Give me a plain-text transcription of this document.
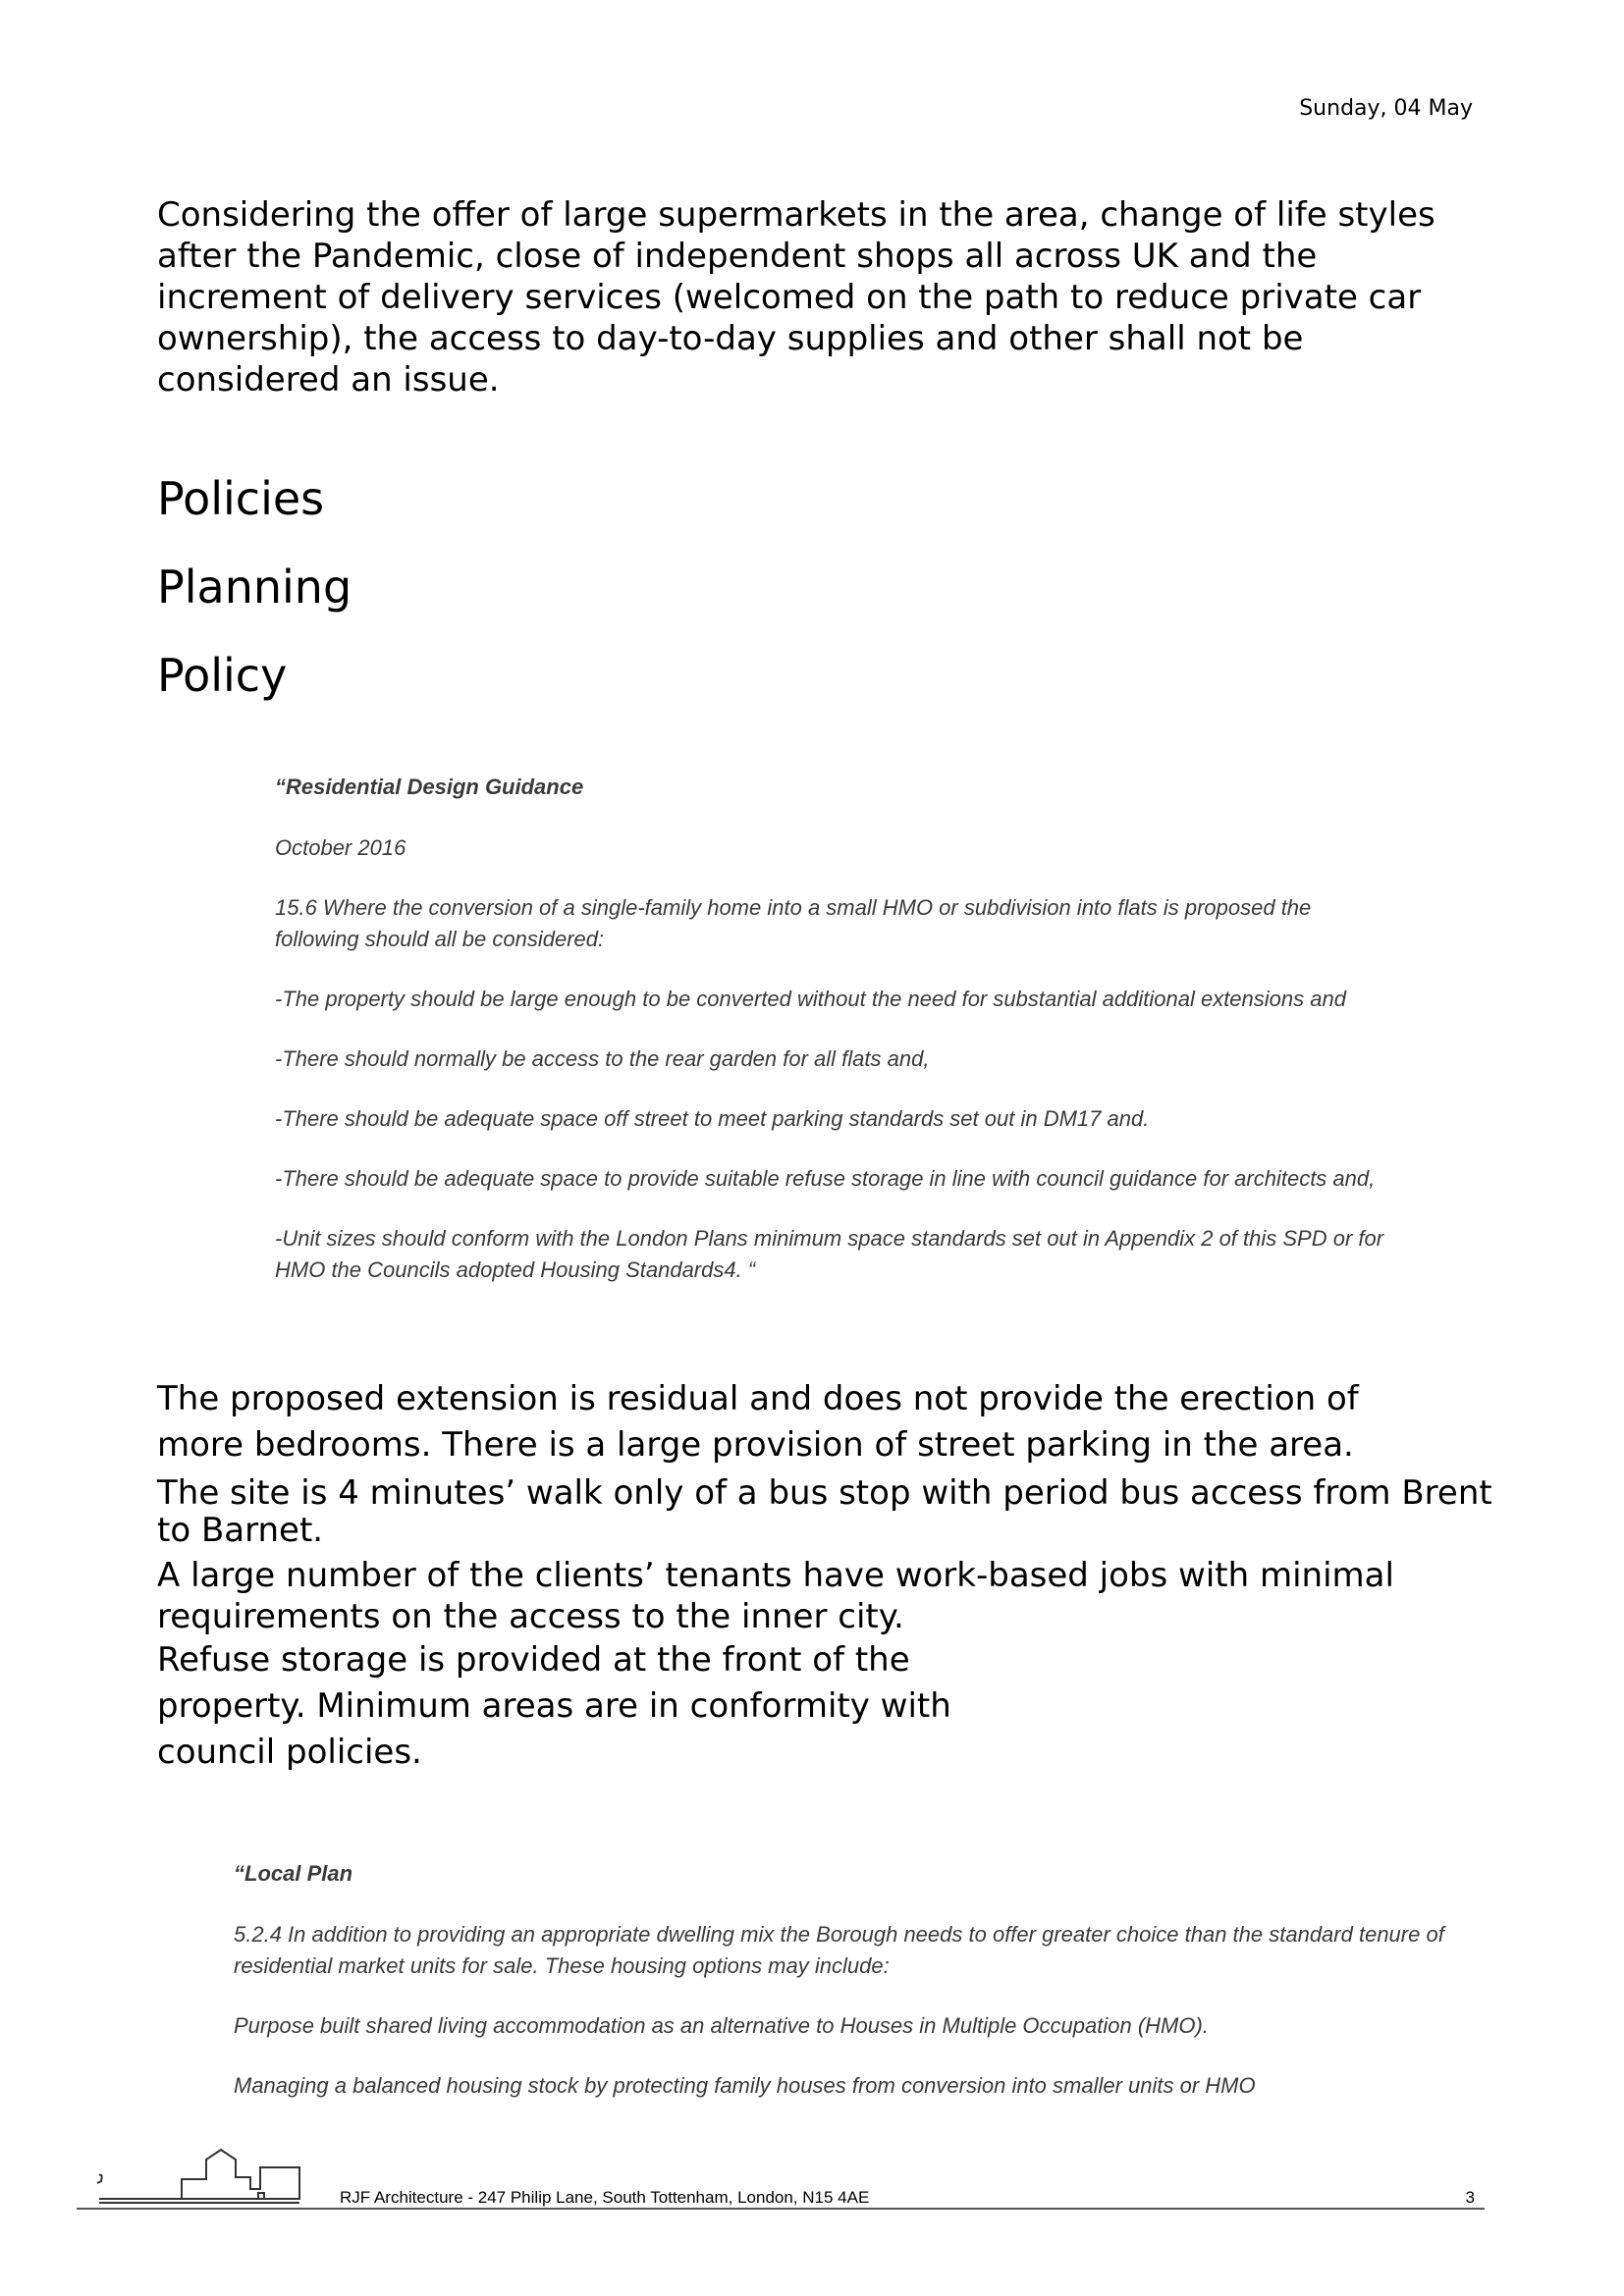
Sunday, 04 May

Considering the offer of large supermarkets in the area, change of life styles after the Pandemic, close of independent shops all across UK and the increment of delivery services (welcomed on the path to reduce private car ownership), the access to day-to-day supplies and other shall not be considered an issue.

Policies
Planning
Policy

“Residential Design Guidance

October 2016

15.6 Where the conversion of a single-family home into a small HMO or subdivision into flats is proposed the following should all be considered:

-The property should be large enough to be converted without the need for substantial additional extensions and

-There should normally be access to the rear garden for all flats and,

-There should be adequate space off street to meet parking standards set out in DM17 and.

-There should be adequate space to provide suitable refuse storage in line with council guidance for architects and,

-Unit sizes should conform with the London Plans minimum space standards set out in Appendix 2 of this SPD or for HMO the Councils adopted Housing Standards4. “

The proposed extension is residual and does not provide the erection of

more bedrooms. There is a large provision of street parking in the area.

The site is 4 minutes’ walk only of a bus stop with period bus access from Brent to Barnet.

A large number of the clients’ tenants have work-based jobs with minimal requirements on the access to the inner city.

Refuse storage is provided at the front of the

property. Minimum areas are in conformity with

council policies.

“Local Plan

5.2.4 In addition to providing an appropriate dwelling mix the Borough needs to offer greater choice than the standard tenure of residential market units for sale. These housing options may include:

Purpose built shared living accommodation as an alternative to Houses in Multiple Occupation (HMO).

Managing a balanced housing stock by protecting family houses from conversion into smaller units or HMO

RJF Architecture - 247 Philip Lane, South Tottenham, London, N15 4AE	3
